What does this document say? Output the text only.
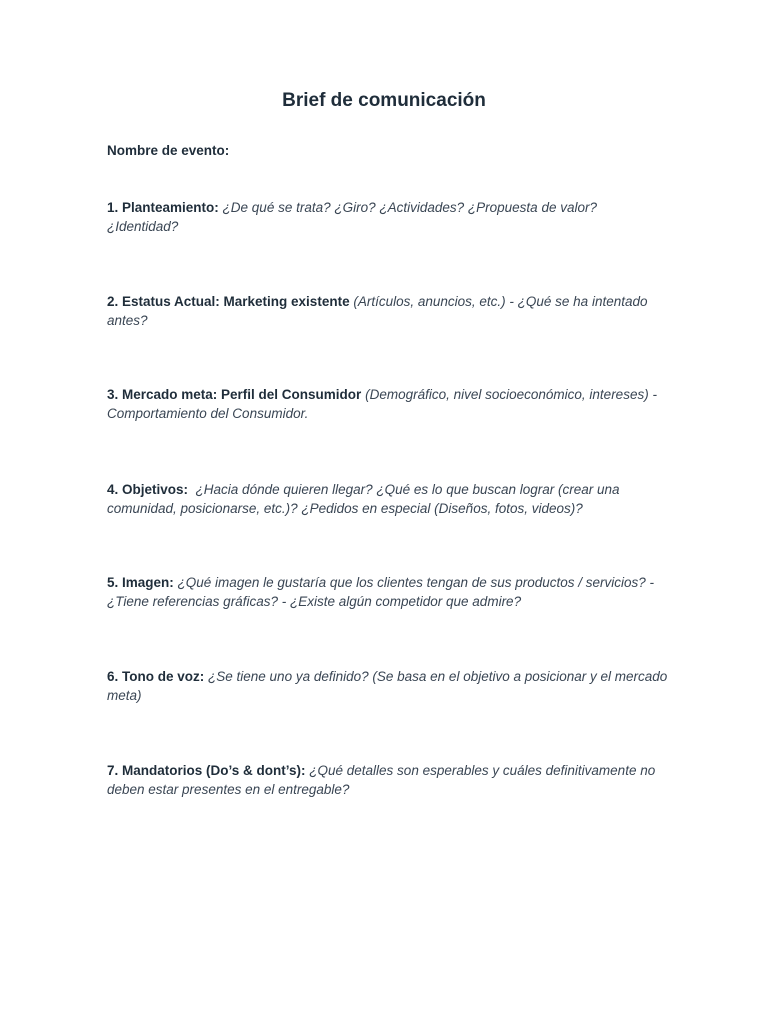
Brief de comunicación
Nombre de evento:

1. Planteamiento: ¿De qué se trata? ¿Giro? ¿Actividades? ¿Propuesta de valor? ¿Identidad?

2. Estatus Actual: Marketing existente (Artículos, anuncios, etc.) - ¿Qué se ha intentado antes?

3. Mercado meta: Perfil del Consumidor (Demográfico, nivel socioeconómico, intereses) - Comportamiento del Consumidor.

4. Objetivos: ¿Hacia dónde quieren llegar? ¿Qué es lo que buscan lograr (crear una comunidad, posicionarse, etc.)? ¿Pedidos en especial (Diseños, fotos, videos)?

5. Imagen: ¿Qué imagen le gustaría que los clientes tengan de sus productos / servicios? - ¿Tiene referencias gráficas? - ¿Existe algún competidor que admire?

6. Tono de voz: ¿Se tiene uno ya definido? (Se basa en el objetivo a posicionar y el mercado meta)

7. Mandatorios (Do’s & dont’s): ¿Qué detalles son esperables y cuáles definitivamente no deben estar presentes en el entregable?
